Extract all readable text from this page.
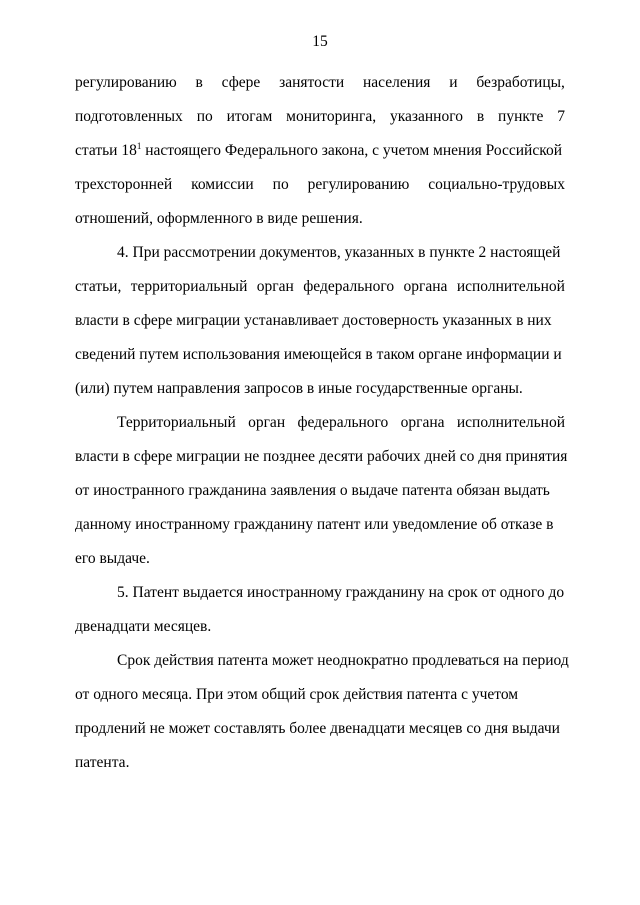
15
регулированию в сфере занятости населения и безработицы,
подготовленных по итогам мониторинга, указанного в пункте 7
статьи $18^1$ настоящего Федерального закона, с учетом мнения Российской
трехсторонней комиссии по регулированию социально-трудовых
отношений, оформленного в виде решения.
4. При рассмотрении документов, указанных в пункте 2 настоящей
статьи, территориальный орган федерального органа исполнительной
власти в сфере миграции устанавливает достоверность указанных в них
сведений путем использования имеющейся в таком органе информации и
(или) путем направления запросов в иные государственные органы.
Территориальный орган федерального органа исполнительной
власти в сфере миграции не позднее десяти рабочих дней со дня принятия
от иностранного гражданина заявления о выдаче патента обязан выдать
данному иностранному гражданину патент или уведомление об отказе в
его выдаче.
5. Патент выдается иностранному гражданину на срок от одного до
двенадцати месяцев.
Срок действия патента может неоднократно продлеваться на период
от одного месяца. При этом общий срок действия патента с учетом
продлений не может составлять более двенадцати месяцев со дня выдачи
патента.
